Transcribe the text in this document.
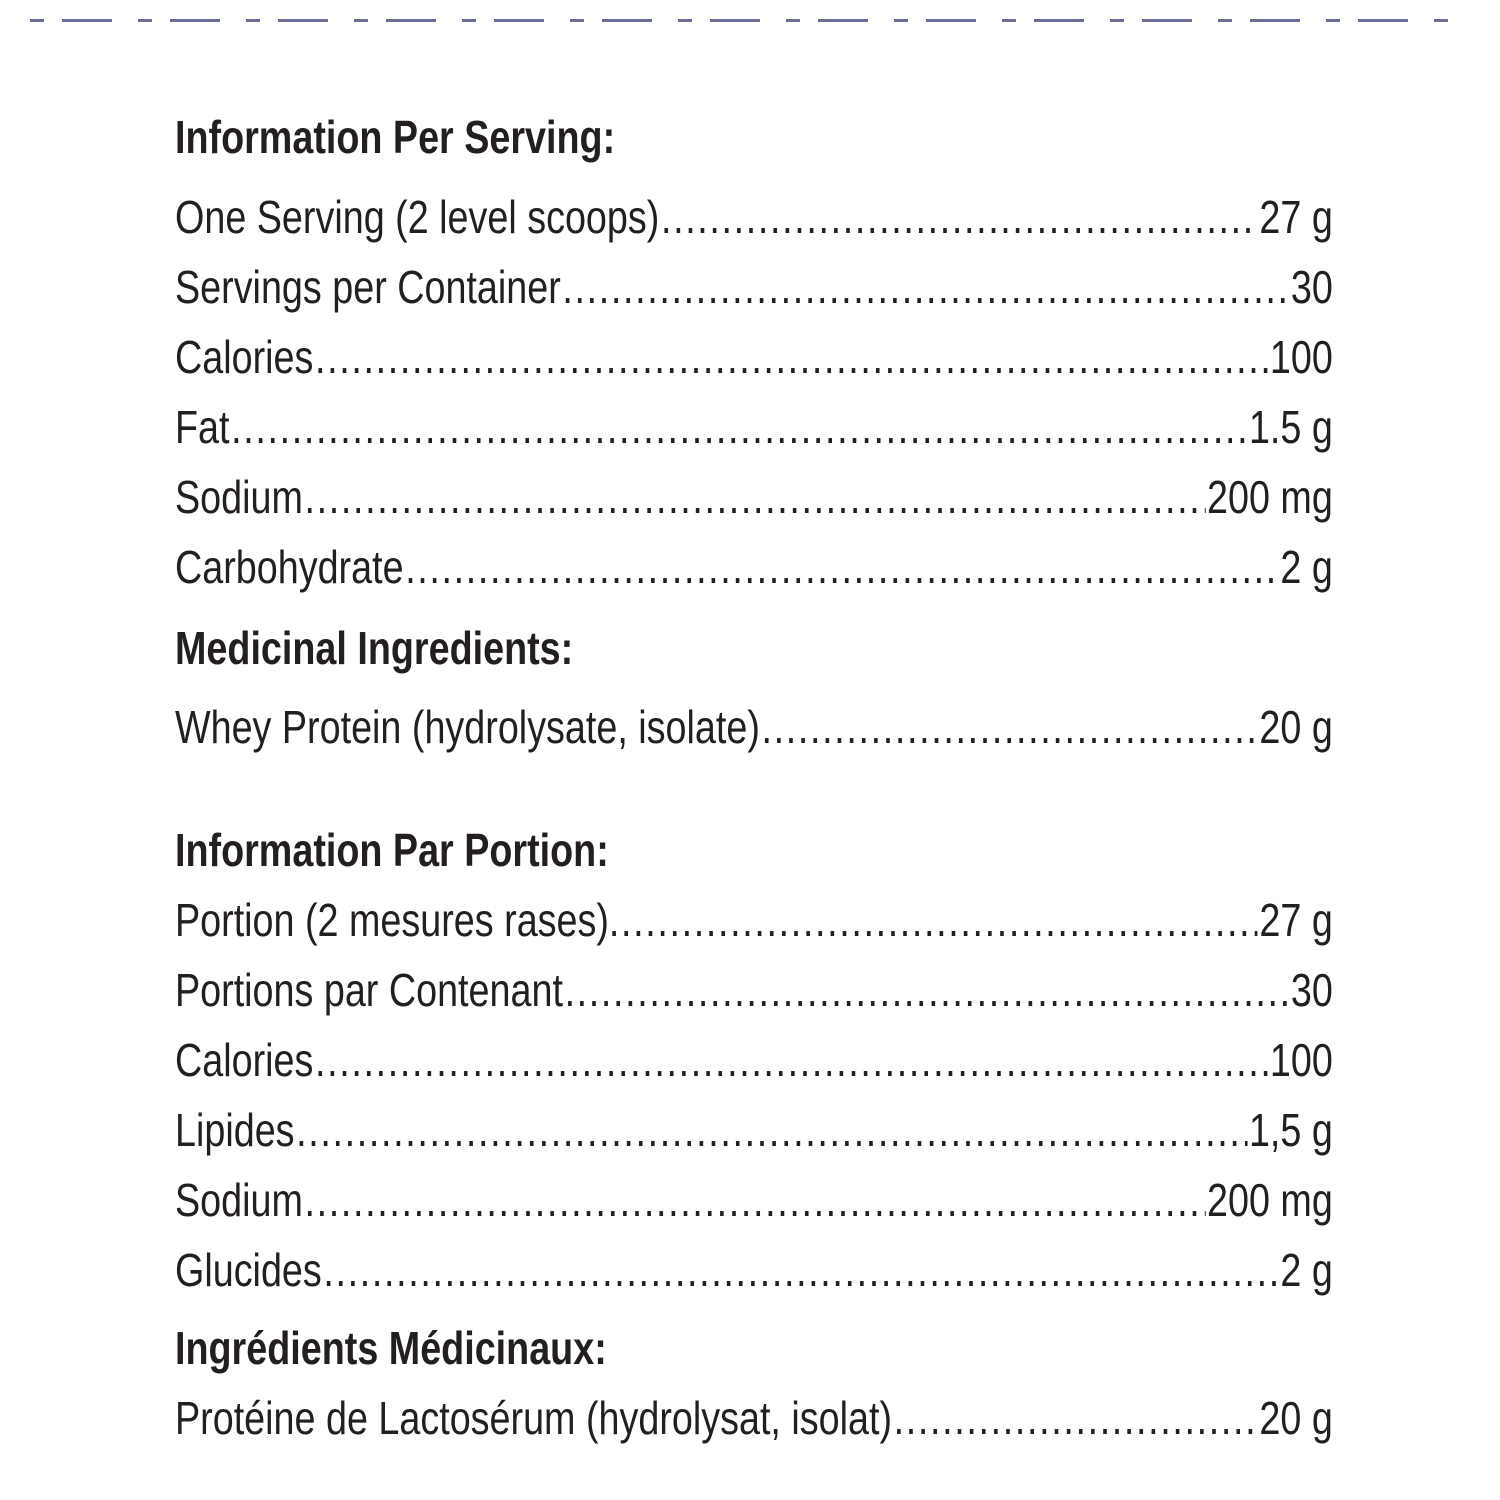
Information Per Serving:
One Serving (2 level scoops) .....	27 g
Servings per Container .....	30
Calories .....	100
Fat .....	1.5 g
Sodium .....	200 mg
Carbohydrate .....	2 g
Medicinal Ingredients:
Whey Protein (hydrolysate, isolate) .....	20 g
Information Par Portion:
Portion (2 mesures rases). .....	27 g
Portions par Contenant .....	30
Calories .....	100
Lipides .....	1,5 g
Sodium .....	200 mg
Glucides .....	2 g
Ingrédients Médicinaux:
Protéine de Lactosérum (hydrolysat, isolat) .....	20 g
